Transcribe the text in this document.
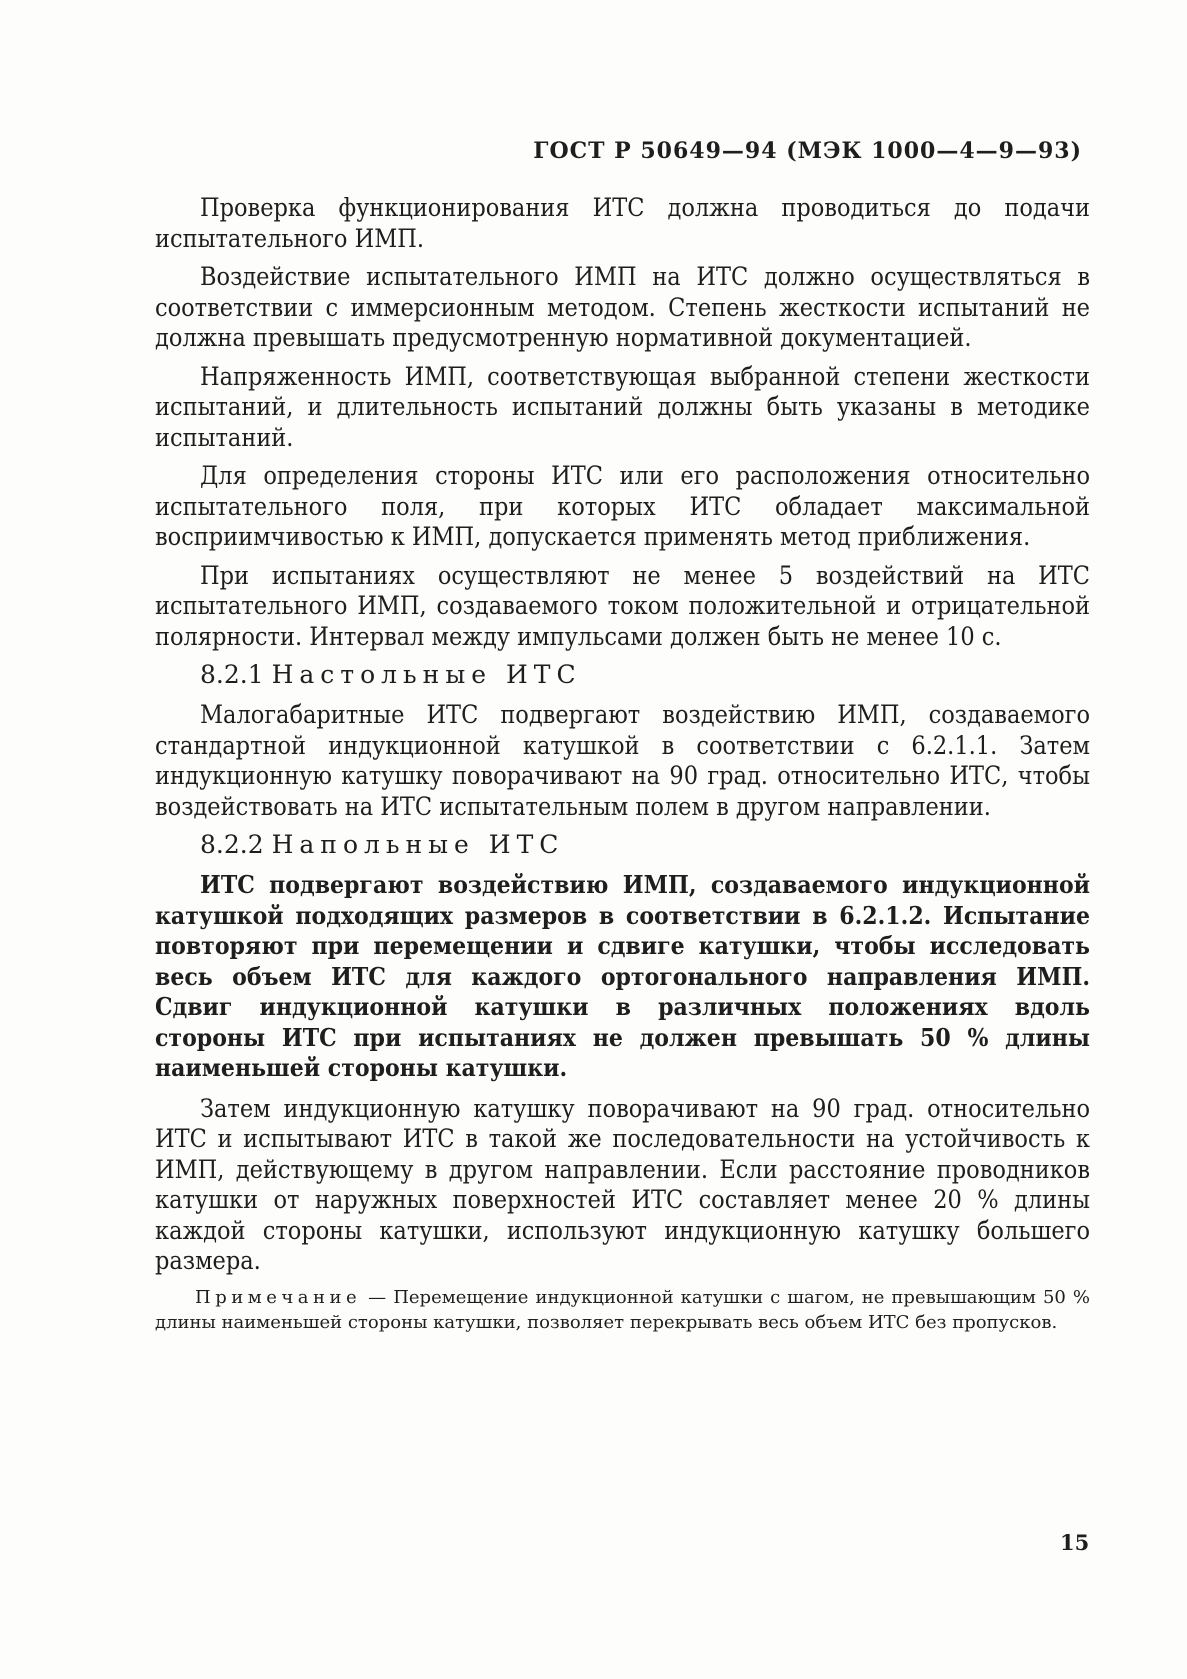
ГОСТ Р 50649—94 (МЭК 1000—4—9—93)

Проверка функционирования ИТС должна проводиться до подачи испытательного ИМП.

Воздействие испытательного ИМП на ИТС должно осуществляться в соответствии с иммерсионным методом. Степень жесткости испытаний не должна превышать предусмотренную нормативной документацией.

Напряженность ИМП, соответствующая выбранной степени жесткости испытаний, и длительность испытаний должны быть указаны в методике испытаний.

Для определения стороны ИТС или его расположения относительно испытательного поля, при которых ИТС обладает максимальной восприимчивостью к ИМП, допускается применять метод приближения.

При испытаниях осуществляют не менее 5 воздействий на ИТС испытательного ИМП, создаваемого током положительной и отрицательной полярности. Интервал между импульсами должен быть не менее 10 с.

8.2.1 Настольные ИТС

Малогабаритные ИТС подвергают воздействию ИМП, создаваемого стандартной индукционной катушкой в соответствии с 6.2.1.1. Затем индукционную катушку поворачивают на 90 град. относительно ИТС, чтобы воздействовать на ИТС испытательным полем в другом направлении.

8.2.2 Напольные ИТС

ИТС подвергают воздействию ИМП, создаваемого индукционной катушкой подходящих размеров в соответствии в 6.2.1.2. Испытание повторяют при перемещении и сдвиге катушки, чтобы исследовать весь объем ИТС для каждого ортогонального направления ИМП. Сдвиг индукционной катушки в различных положениях вдоль стороны ИТС при испытаниях не должен превышать 50 % длины наименьшей стороны катушки.

Затем индукционную катушку поворачивают на 90 град. относительно ИТС и испытывают ИТС в такой же последовательности на устойчивость к ИМП, действующему в другом направлении. Если расстояние проводников катушки от наружных поверхностей ИТС составляет менее 20 % длины каждой стороны катушки, используют индукционную катушку большего размера.

Примечание — Перемещение индукционной катушки с шагом, не превышающим 50 % длины наименьшей стороны катушки, позволяет перекрывать весь объем ИТС без пропусков.

15
